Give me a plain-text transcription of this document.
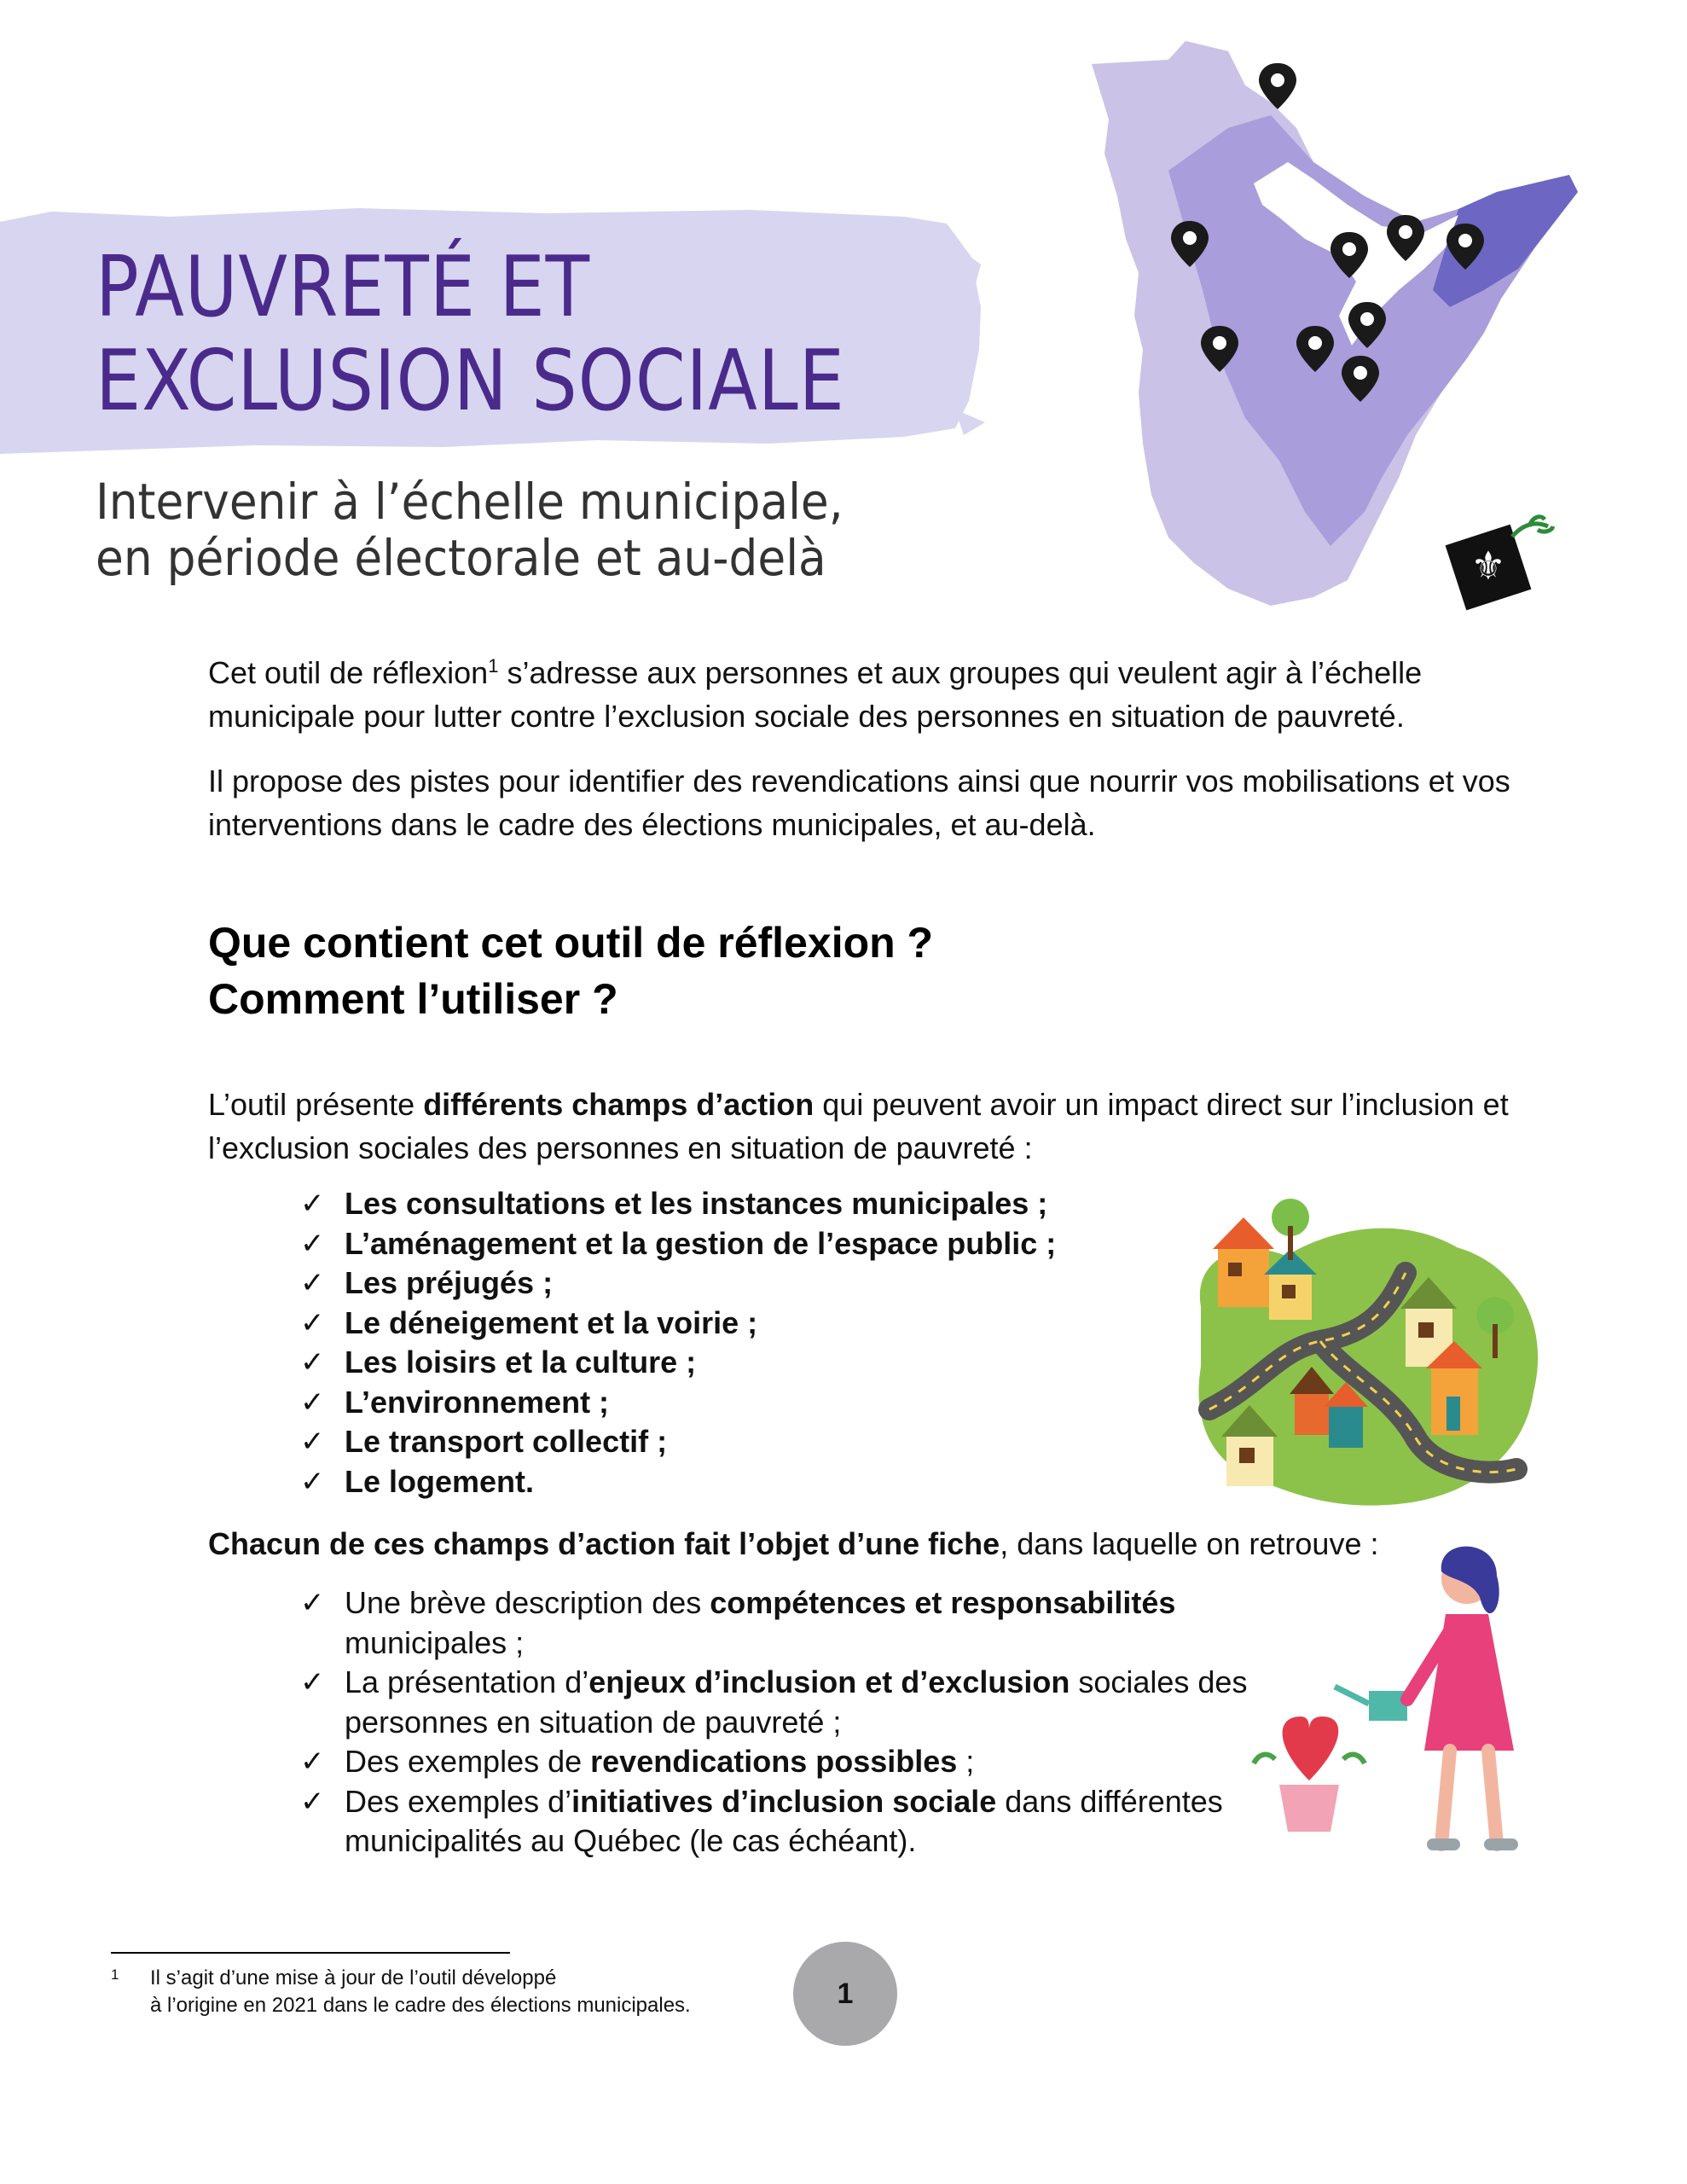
⚜
PAUVRETÉ ET
EXCLUSION SOCIALE
Intervenir à l’échelle municipale,
en période électorale et au-delà

Cet outil de réflexion$^1$ s’adresse aux personnes et aux groupes qui veulent agir à l’échelle municipale pour lutter contre l’exclusion sociale des personnes en situation de pauvreté.

Il propose des pistes pour identifier des revendications ainsi que nourrir vos mobilisations et vos interventions dans le cadre des élections municipales, et au-delà.

Que contient cet outil de réflexion ?
Comment l’utiliser ?

L’outil présente différents champs d’action qui peuvent avoir un impact direct sur l’inclusion et l’exclusion sociales des personnes en situation de pauvreté :

✓ Les consultations et les instances municipales ;
✓ L’aménagement et la gestion de l’espace public ;
✓ Les préjugés ;
✓ Le déneigement et la voirie ;
✓ Les loisirs et la culture ;
✓ L’environnement ;
✓ Le transport collectif ;
✓ Le logement.

Chacun de ces champs d’action fait l’objet d’une fiche, dans laquelle on retrouve :

✓ Une brève description des compétences et responsabilités municipales ;
✓ La présentation d’enjeux d’inclusion et d’exclusion sociales des personnes en situation de pauvreté ;
✓ Des exemples de revendications possibles ;
✓ Des exemples d’initiatives d’inclusion sociale dans différentes municipalités au Québec (le cas échéant).
1 Il s’agit d’une mise à jour de l’outil développé
à l’origine en 2021 dans le cadre des élections municipales.	1
